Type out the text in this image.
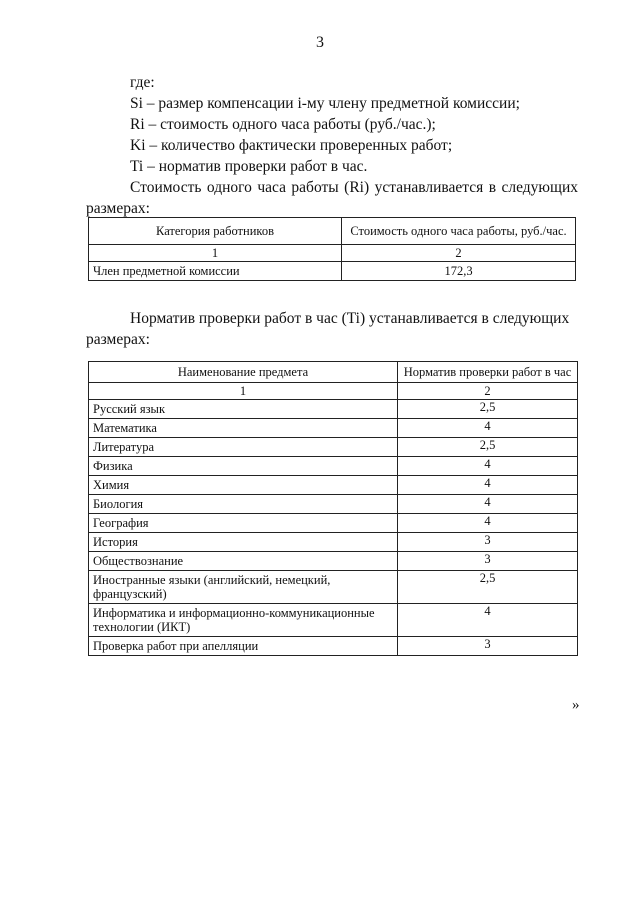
3

где:

Si – размер компенсации i-му члену предметной комиссии;

Ri – стоимость одного часа работы (руб./час.);

Ki – количество фактически проверенных работ;

Ti – норматив проверки работ в час.

Стоимость одного часа работы (Ri) устанавливается в следующих

размерах:

Категория работников	Стоимость одного часа работы, руб./час.
1	2
Член предметной комиссии	172,3

Норматив проверки работ в час (Ti) устанавливается в следующих

размерах:

Наименование предмета	Норматив проверки работ в час
1	2
Русский язык	2,5
Математика	4
Литература	2,5
Физика	4
Химия	4
Биология	4
География	4
История	3
Обществознание	3
Иностранные языки (английский, немецкий, французский)	2,5
Информатика и информационно-коммуникационные технологии (ИКТ)	4
Проверка работ при апелляции	3
»
